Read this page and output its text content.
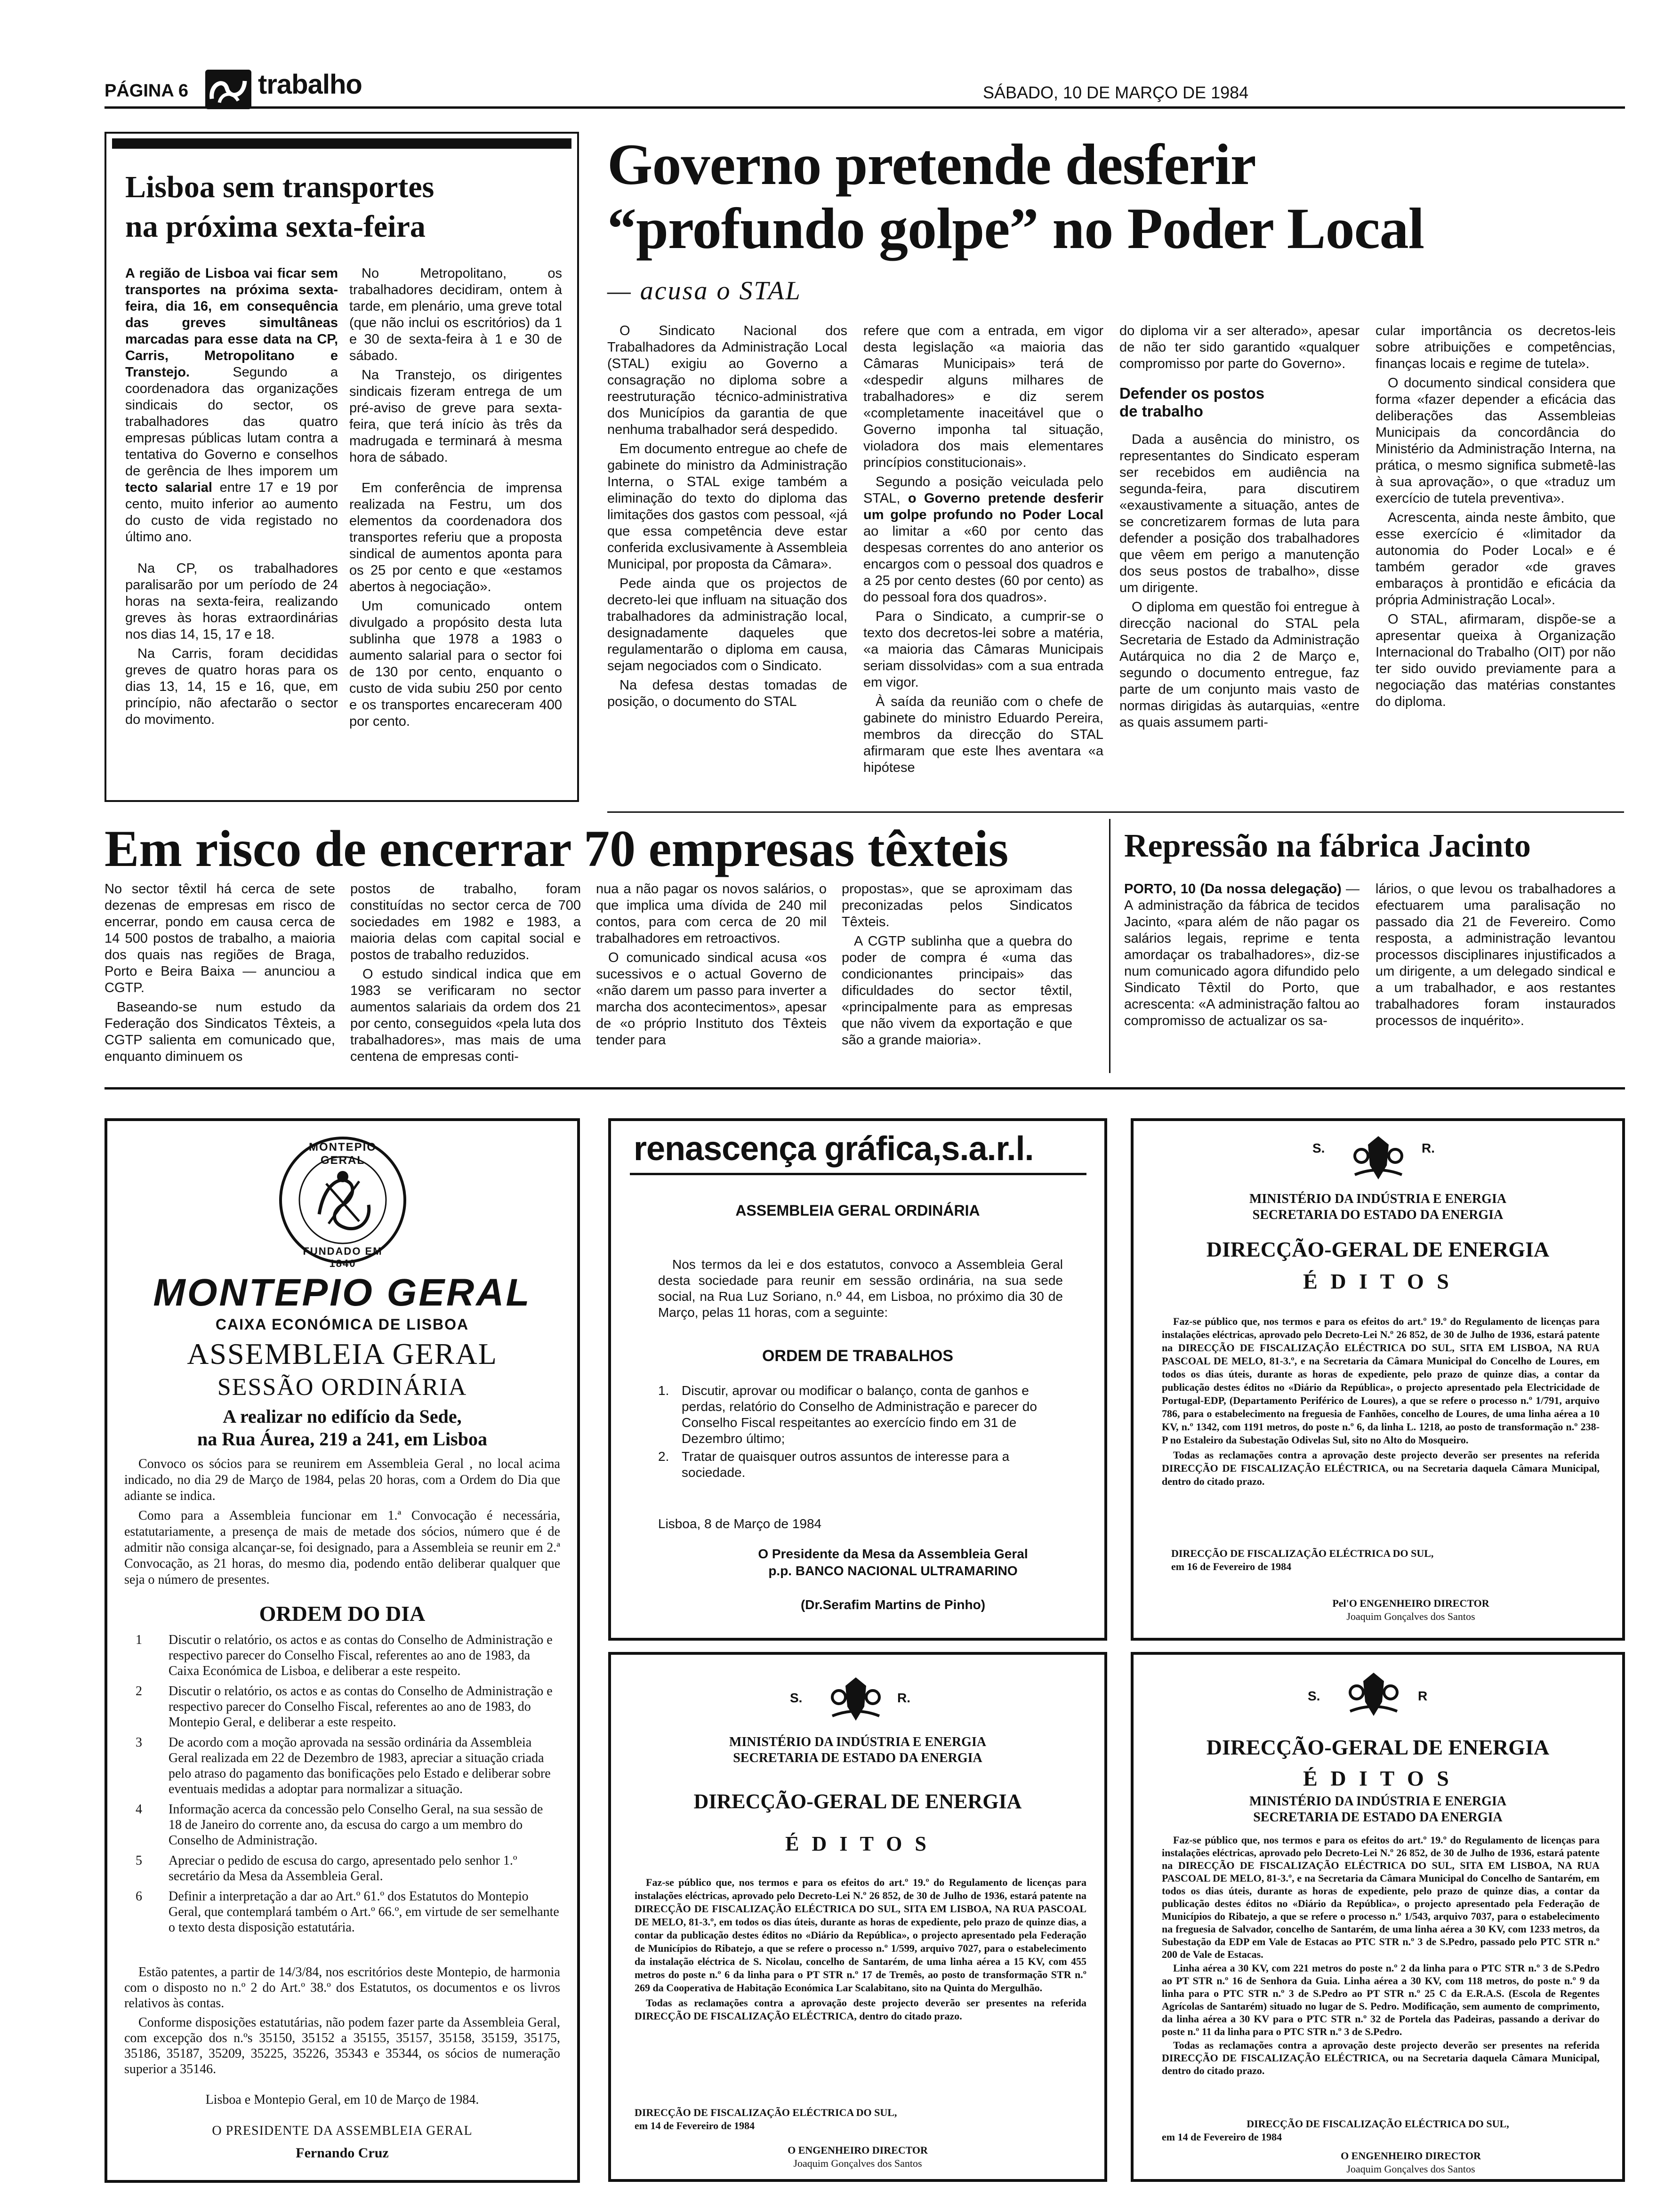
PÁGINA 6	trabalho	SÁBADO, 10 DE MARÇO DE 1984
Lisboa sem transportes
na próxima sexta-feira

A região de Lisboa vai ficar sem transportes na próxima sexta-feira, dia 16, em consequência das greves simultâneas marcadas para esse data na CP, Carris, Metropolitano e Transtejo. Segundo a coordenadora das organizações sindicais do sector, os trabalhadores das quatro empresas públicas lutam contra a tentativa do Governo e conselhos de gerência de lhes imporem um tecto salarial entre 17 e 19 por cento, muito inferior ao aumento do custo de vida registado no último ano.

Na CP, os trabalhadores paralisarão por um período de 24 horas na sexta-feira, realizando greves às horas extraordinárias nos dias 14, 15, 17 e 18.

Na Carris, foram decididas greves de quatro horas para os dias 13, 14, 15 e 16, que, em princípio, não afectarão o sector do movimento.

No Metropolitano, os trabalhadores decidiram, ontem à tarde, em plenário, uma greve total (que não inclui os escritórios) da 1 e 30 de sexta-feira à 1 e 30 de sábado.

Na Transtejo, os dirigentes sindicais fizeram entrega de um pré-aviso de greve para sexta-feira, que terá início às três da madrugada e terminará à mesma hora de sábado.

Em conferência de imprensa realizada na Festru, um dos elementos da coordenadora dos transportes referiu que a proposta sindical de aumentos aponta para os 25 por cento e que «estamos abertos à negociação».

Um comunicado ontem divulgado a propósito desta luta sublinha que 1978 a 1983 o aumento salarial para o sector foi de 130 por cento, enquanto o custo de vida subiu 250 por cento e os transportes encareceram 400 por cento.

Governo pretende desferir
“profundo golpe” no Poder Local
— acusa o STAL

O Sindicato Nacional dos Trabalhadores da Administração Local (STAL) exigiu ao Governo a consagração no diploma sobre a reestruturação técnico-administrativa dos Municípios da garantia de que nenhuma trabalhador será despedido.

Em documento entregue ao chefe de gabinete do ministro da Administração Interna, o STAL exige também a eliminação do texto do diploma das limitações dos gastos com pessoal, «já que essa competência deve estar conferida exclusivamente à Assembleia Municipal, por proposta da Câmara».

Pede ainda que os projectos de decreto-lei que influam na situação dos trabalhadores da administração local, designadamente daqueles que regulamentarão o diploma em causa, sejam negociados com o Sindicato.

Na defesa destas tomadas de posição, o documento do STAL

refere que com a entrada, em vigor desta legislação «a maioria das Câmaras Municipais» terá de «despedir alguns milhares de trabalhadores» e diz serem «completamente inaceitável que o Governo imponha tal situação, violadora dos mais elementares princípios constitucionais».

Segundo a posição veiculada pelo STAL, o Governo pretende desferir um golpe profundo no Poder Local ao limitar a «60 por cento das despesas correntes do ano anterior os encargos com o pessoal dos quadros e a 25 por cento destes (60 por cento) as do pessoal fora dos quadros».

Para o Sindicato, a cumprir-se o texto dos decretos-lei sobre a matéria, «a maioria das Câmaras Municipais seriam dissolvidas» com a sua entrada em vigor.

À saída da reunião com o chefe de gabinete do ministro Eduardo Pereira, membros da direcção do STAL afirmaram que este lhes aventara «a hipótese

do diploma vir a ser alterado», apesar de não ter sido garantido «qualquer compromisso por parte do Governo».

Defender os postos de trabalho

Dada a ausência do ministro, os representantes do Sindicato esperam ser recebidos em audiência na segunda-feira, para discutirem «exaustivamente a situação, antes de se concretizarem formas de luta para defender a posição dos trabalhadores que vêem em perigo a manutenção dos seus postos de trabalho», disse um dirigente.

O diploma em questão foi entregue à direcção nacional do STAL pela Secretaria de Estado da Administração Autárquica no dia 2 de Março e, segundo o documento entregue, faz parte de um conjunto mais vasto de normas dirigidas às autarquias, «entre as quais assumem parti-

cular importância os decretos-leis sobre atribuições e competências, finanças locais e regime de tutela».

O documento sindical considera que forma «fazer depender a eficácia das deliberações das Assembleias Municipais da concordância do Ministério da Administração Interna, na prática, o mesmo significa submetê-las à sua aprovação», o que «traduz um exercício de tutela preventiva».

Acrescenta, ainda neste âmbito, que esse exercício é «limitador da autonomia do Poder Local» e é também gerador «de graves embaraços à prontidão e eficácia da própria Administração Local».

O STAL, afirmaram, dispõe-se a apresentar queixa à Organização Internacional do Trabalho (OIT) por não ter sido ouvido previamente para a negociação das matérias constantes do diploma.

Em risco de encerrar 70 empresas têxteis

No sector têxtil há cerca de sete dezenas de empresas em risco de encerrar, pondo em causa cerca de 14 500 postos de trabalho, a maioria dos quais nas regiões de Braga, Porto e Beira Baixa — anunciou a CGTP.

Baseando-se num estudo da Federação dos Sindicatos Têxteis, a CGTP salienta em comunicado que, enquanto diminuem os

postos de trabalho, foram constituídas no sector cerca de 700 sociedades em 1982 e 1983, a maioria delas com capital social e postos de trabalho reduzidos.

O estudo sindical indica que em 1983 se verificaram no sector aumentos salariais da ordem dos 21 por cento, conseguidos «pela luta dos trabalhadores», mas mais de uma centena de empresas conti-

nua a não pagar os novos salários, o que implica uma dívida de 240 mil contos, para com cerca de 20 mil trabalhadores em retroactivos.

O comunicado sindical acusa «os sucessivos e o actual Governo de «não darem um passo para inverter a marcha dos acontecimentos», apesar de «o próprio Instituto dos Têxteis tender para

propostas», que se aproximam das preconizadas pelos Sindicatos Têxteis.

A CGTP sublinha que a quebra do poder de compra é «uma das condicionantes principais» das dificuldades do sector têxtil, «principalmente para as empresas que não vivem da exportação e que são a grande maioria».

Repressão na fábrica Jacinto

PORTO, 10 (Da nossa delegação) — A administração da fábrica de tecidos Jacinto, «para além de não pagar os salários legais, reprime e tenta amordaçar os trabalhadores», diz-se num comunicado agora difundido pelo Sindicato Têxtil do Porto, que acrescenta: «A administração faltou ao compromisso de actualizar os sa-

lários, o que levou os trabalhadores a efectuarem uma paralisação no passado dia 21 de Fevereiro. Como resposta, a administração levantou processos disciplinares injustificados a um dirigente, a um delegado sindical e a um trabalhador, e aos restantes trabalhadores foram instaurados processos de inquérito».

MONTEPIO GERAL
FUNDADO EM 1840
MONTEPIO GERAL
CAIXA ECONÓMICA DE LISBOA
ASSEMBLEIA GERAL
SESSÃO ORDINÁRIA
A realizar no edifício da Sede,
na Rua Áurea, 219 a 241, em Lisboa

Convoco os sócios para se reunirem em Assembleia Geral , no local acima indicado, no dia 29 de Março de 1984, pelas 20 horas, com a Ordem do Dia que adiante se indica.

Como para a Assembleia funcionar em 1.ª Convocação é necessária, estatutariamente, a presença de mais de metade dos sócios, número que é de admitir não consiga alcançar-se, foi designado, para a Assembleia se reunir em 2.ª Convocação, as 21 horas, do mesmo dia, podendo então deliberar qualquer que seja o número de presentes.

ORDEM DO DIA
1	Discutir o relatório, os actos e as contas do Conselho de Administração e respectivo parecer do Conselho Fiscal, referentes ao ano de 1983, da Caixa Económica de Lisboa, e deliberar a este respeito.
2	Discutir o relatório, os actos e as contas do Conselho de Administração e respectivo parecer do Conselho Fiscal, referentes ao ano de 1983, do Montepio Geral, e deliberar a este respeito.
3	De acordo com a moção aprovada na sessão ordinária da Assembleia Geral realizada em 22 de Dezembro de 1983, apreciar a situação criada pelo atraso do pagamento das bonificações pelo Estado e deliberar sobre eventuais medidas a adoptar para normalizar a situação.
4	Informação acerca da concessão pelo Conselho Geral, na sua sessão de 18 de Janeiro do corrente ano, da escusa do cargo a um membro do Conselho de Administração.
5	Apreciar o pedido de escusa do cargo, apresentado pelo senhor 1.º secretário da Mesa da Assembleia Geral.
6	Definir a interpretação a dar ao Art.º 61.º dos Estatutos do Montepio Geral, que contemplará também o Art.º 66.º, em virtude de ser semelhante o texto desta disposição estatutária.

Estão patentes, a partir de 14/3/84, nos escritórios deste Montepio, de harmonia com o disposto no n.º 2 do Art.º 38.º dos Estatutos, os documentos e os livros relativos às contas.

Conforme disposições estatutárias, não podem fazer parte da Assembleia Geral, com excepção dos n.ºs 35150, 35152 a 35155, 35157, 35158, 35159, 35175, 35186, 35187, 35209, 35225, 35226, 35343 e 35344, os sócios de numeração superior a 35146.

Lisboa e Montepio Geral, em 10 de Março de 1984.
O PRESIDENTE DA ASSEMBLEIA GERAL
Fernando Cruz
renascença gráfica,s.a.r.l.
ASSEMBLEIA GERAL ORDINÁRIA

Nos termos da lei e dos estatutos, convoco a Assembleia Geral desta sociedade para reunir em sessão ordinária, na sua sede social, na Rua Luz Soriano, n.º 44, em Lisboa, no próximo dia 30 de Março, pelas 11 horas, com a seguinte:

ORDEM DE TRABALHOS
1. Discutir, aprovar ou modificar o balanço, conta de ganhos e perdas, relatório do Conselho de Administração e parecer do Conselho Fiscal respeitantes ao exercício findo em 31 de Dezembro último;
2. Tratar de quaisquer outros assuntos de interesse para a sociedade.
Lisboa, 8 de Março de 1984
O Presidente da Mesa da Assembleia Geral
p.p. BANCO NACIONAL ULTRAMARINO
(Dr.Serafim Martins de Pinho)
S.	R.
MINISTÉRIO DA INDÚSTRIA E ENERGIA
SECRETARIA DE ESTADO DA ENERGIA
DIRECÇÃO-GERAL DE ENERGIA
É D I T O S

Faz-se público que, nos termos e para os efeitos do art.º 19.º do Regulamento de licenças para instalações eléctricas, aprovado pelo Decreto-Lei N.º 26 852, de 30 de Julho de 1936, estará patente na DIRECÇÃO DE FISCALIZAÇÃO ELÉCTRICA DO SUL, SITA EM LISBOA, NA RUA PASCOAL DE MELO, 81-3.º, em todos os dias úteis, durante as horas de expediente, pelo prazo de quinze dias, a contar da publicação destes éditos no «Diário da República», o projecto apresentado pela Federação de Municípios do Ribatejo, a que se refere o processo n.º 1/599, arquivo 7027, para o estabelecimento da instalação eléctrica de S. Nicolau, concelho de Santarém, de uma linha aérea a 15 KV, com 455 metros do poste n.º 6 da linha para o PT STR n.º 17 de Tremês, ao posto de transformação STR n.º 269 da Cooperativa de Habitação Económica Lar Scalabitano, sito na Quinta do Mergulhão.

Todas as reclamações contra a aprovação deste projecto deverão ser presentes na referida DIRECÇÃO DE FISCALIZAÇÃO ELÉCTRICA, dentro do citado prazo.

DIRECÇÃO DE FISCALIZAÇÃO ELÉCTRICA DO SUL,
em 14 de Fevereiro de 1984
O ENGENHEIRO DIRECTOR
Joaquim Gonçalves dos Santos
S.	R.
MINISTÉRIO DA INDÚSTRIA E ENERGIA
SECRETARIA DO ESTADO DA ENERGIA
DIRECÇÃO-GERAL DE ENERGIA
É D I T O S

Faz-se público que, nos termos e para os efeitos do art.º 19.º do Regulamento de licenças para instalações eléctricas, aprovado pelo Decreto-Lei N.º 26 852, de 30 de Julho de 1936, estará patente na DIRECÇÃO DE FISCALIZAÇÃO ELÉCTRICA DO SUL, SITA EM LISBOA, NA RUA PASCOAL DE MELO, 81-3.º, e na Secretaria da Câmara Municipal do Concelho de Loures, em todos os dias úteis, durante as horas de expediente, pelo prazo de quinze dias, a contar da publicação destes éditos no «Diário da República», o projecto apresentado pela Electricidade de Portugal-EDP, (Departamento Periférico de Loures), a que se refere o processo n.º 1/791, arquivo 786, para o estabelecimento na freguesia de Fanhões, concelho de Loures, de uma linha aérea a 10 KV, n.º 1342, com 1191 metros, do poste n.º 6, da linha L. 1218, ao posto de transformação n.º 238-P no Estaleiro da Subestação Odivelas Sul, sito no Alto do Mosqueiro.

Todas as reclamações contra a aprovação deste projecto deverão ser presentes na referida DIRECÇÃO DE FISCALIZAÇÃO ELÉCTRICA, ou na Secretaria daquela Câmara Municipal, dentro do citado prazo.

DIRECÇÃO DE FISCALIZAÇÃO ELÉCTRICA DO SUL,
em 16 de Fevereiro de 1984
Pel'O ENGENHEIRO DIRECTOR
Joaquim Gonçalves dos Santos
S.	R
DIRECÇÃO-GERAL DE ENERGIA
É D I T O S
MINISTÉRIO DA INDÚSTRIA E ENERGIA
SECRETARIA DE ESTADO DA ENERGIA

Faz-se público que, nos termos e para os efeitos do art.º 19.º do Regulamento de licenças para instalações eléctricas, aprovado pelo Decreto-Lei N.º 26 852, de 30 de Julho de 1936, estará patente na DIRECÇÃO DE FISCALIZAÇÃO ELÉCTRICA DO SUL, SITA EM LISBOA, NA RUA PASCOAL DE MELO, 81-3.º, e na Secretaria da Câmara Municipal do Concelho de Santarém, em todos os dias úteis, durante as horas de expediente, pelo prazo de quinze dias, a contar da publicação destes éditos no «Diário da República», o projecto apresentado pela Federação de Municípios do Ribatejo, a que se refere o processo n.º 1/543, arquivo 7037, para o estabelecimento na freguesia de Salvador, concelho de Santarém, de uma linha aérea a 30 KV, com 1233 metros, da Subestação da EDP em Vale de Estacas ao PTC STR n.º 3 de S.Pedro, passado pelo PTC STR n.º 200 de Vale de Estacas.

Linha aérea a 30 KV, com 221 metros do poste n.º 2 da linha para o PTC STR n.º 3 de S.Pedro ao PT STR n.º 16 de Senhora da Guia. Linha aérea a 30 KV, com 118 metros, do poste n.º 9 da linha para o PTC STR n.º 3 de S.Pedro ao PT STR n.º 25 C da E.R.A.S. (Escola de Regentes Agrícolas de Santarém) situado no lugar de S. Pedro. Modificação, sem aumento de comprimento, da linha aérea a 30 KV para o PTC STR n.º 32 de Portela das Padeiras, passando a derivar do poste n.º 11 da linha para o PTC STR n.º 3 de S.Pedro.

Todas as reclamações contra a aprovação deste projecto deverão ser presentes na referida DIRECÇÃO DE FISCALIZAÇÃO ELÉCTRICA, ou na Secretaria daquela Câmara Municipal, dentro do citado prazo.

DIRECÇÃO DE FISCALIZAÇÃO ELÉCTRICA DO SUL,
em 14 de Fevereiro de 1984
O ENGENHEIRO DIRECTOR
Joaquim Gonçalves dos Santos
